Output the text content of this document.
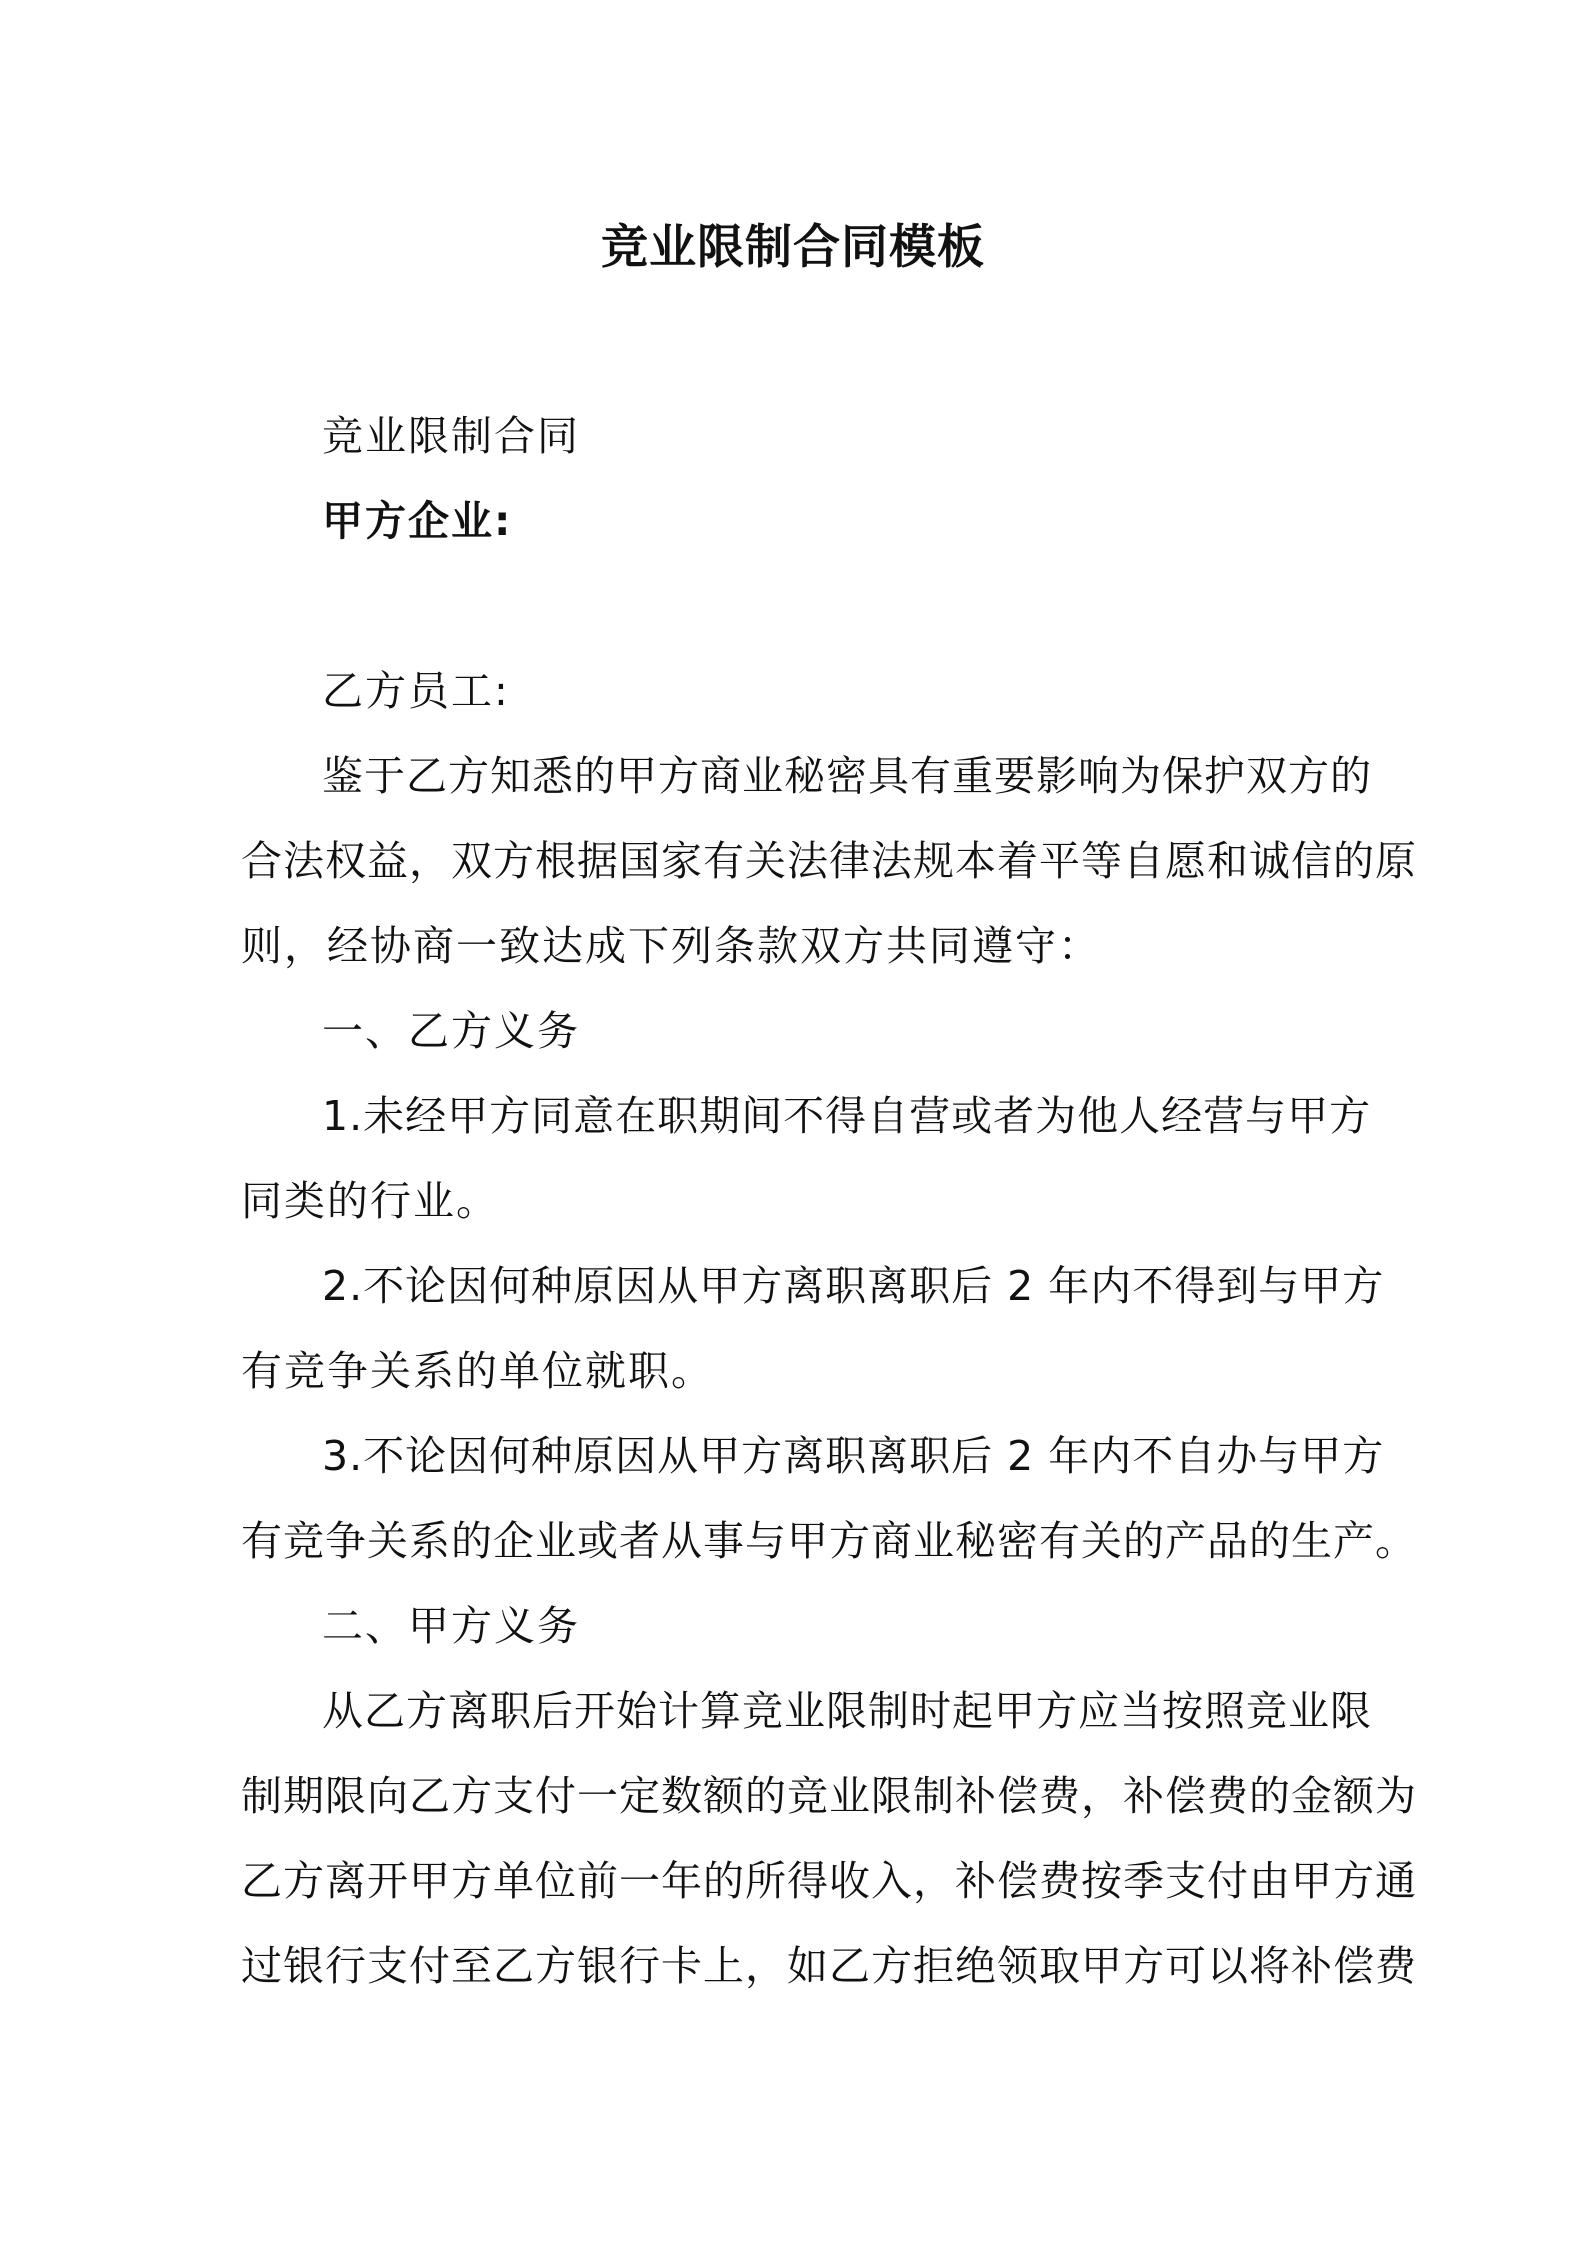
竞业限制合同模板
竞业限制合同
甲方企业:
乙方员工:
鉴于乙方知悉的甲方商业秘密具有重要影响为保护双方的
合法权益，双方根据国家有关法律法规本着平等自愿和诚信的原
则，经协商一致达成下列条款双方共同遵守：
一、乙方义务
1.未经甲方同意在职期间不得自营或者为他人经营与甲方
同类的行业。
2.不论因何种原因从甲方离职离职后 2 年内不得到与甲方
有竞争关系的单位就职。
3.不论因何种原因从甲方离职离职后 2 年内不自办与甲方
有竞争关系的企业或者从事与甲方商业秘密有关的产品的生产。
二、甲方义务
从乙方离职后开始计算竞业限制时起甲方应当按照竞业限
制期限向乙方支付一定数额的竞业限制补偿费，补偿费的金额为
乙方离开甲方单位前一年的所得收入，补偿费按季支付由甲方通
过银行支付至乙方银行卡上，如乙方拒绝领取甲方可以将补偿费
